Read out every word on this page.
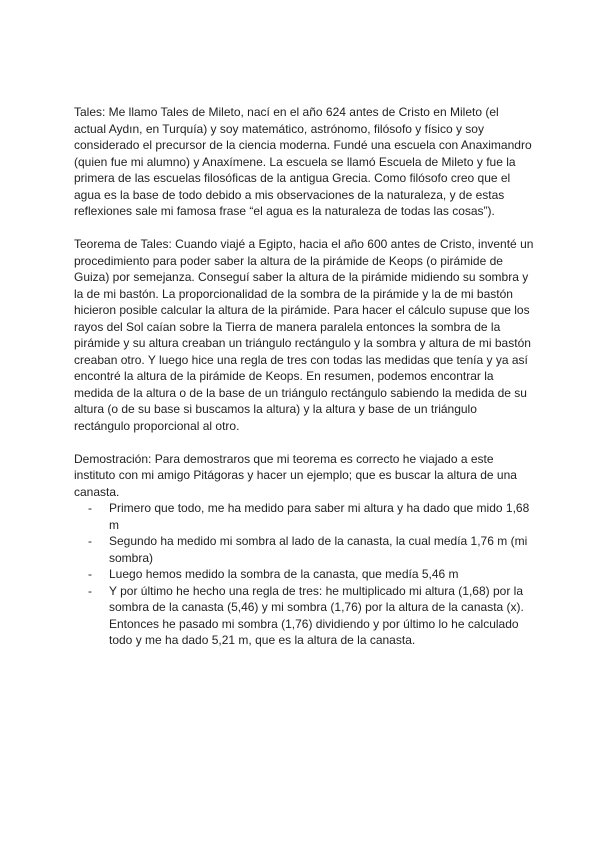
Tales: Me llamo Tales de Mileto, nací en el año 624 antes de Cristo en Mileto (el actual Aydın, en Turquía) y soy matemático, astrónomo, filósofo y físico y soy considerado el precursor de la ciencia moderna. Fundé una escuela con Anaximandro (quien fue mi alumno) y Anaxímene. La escuela se llamó Escuela de Mileto y fue la primera de las escuelas filosóficas de la antigua Grecia. Como filósofo creo que el agua es la base de todo debido a mis observaciones de la naturaleza, y de estas reflexiones sale mi famosa frase “el agua es la naturaleza de todas las cosas”).

Teorema de Tales: Cuando viajé a Egipto, hacia el año 600 antes de Cristo, inventé un procedimiento para poder saber la altura de la pirámide de Keops (o pirámide de Guiza) por semejanza. Conseguí saber la altura de la pirámide midiendo su sombra y la de mi bastón. La proporcionalidad de la sombra de la pirámide y la de mi bastón hicieron posible calcular la altura de la pirámide. Para hacer el cálculo supuse que los rayos del Sol caían sobre la Tierra de manera paralela entonces la sombra de la pirámide y su altura creaban un triángulo rectángulo y la sombra y altura de mi bastón creaban otro. Y luego hice una regla de tres con todas las medidas que tenía y ya así encontré la altura de la pirámide de Keops. En resumen, podemos encontrar la medida de la altura o de la base de un triángulo rectángulo sabiendo la medida de su altura (o de su base si buscamos la altura) y la altura y base de un triángulo rectángulo proporcional al otro.

Demostración: Para demostraros que mi teorema es correcto he viajado a este instituto con mi amigo Pitágoras y hacer un ejemplo; que es buscar la altura de una canasta.

- Primero que todo, me ha medido para saber mi altura y ha dado que mido 1,68 m
- Segundo ha medido mi sombra al lado de la canasta, la cual medía 1,76 m (mi sombra)
- Luego hemos medido la sombra de la canasta, que medía 5,46 m
- Y por último he hecho una regla de tres: he multiplicado mi altura (1,68) por la sombra de la canasta (5,46) y mi sombra (1,76) por la altura de la canasta (x). Entonces he pasado mi sombra (1,76) dividiendo y por último lo he calculado todo y me ha dado 5,21 m, que es la altura de la canasta.
